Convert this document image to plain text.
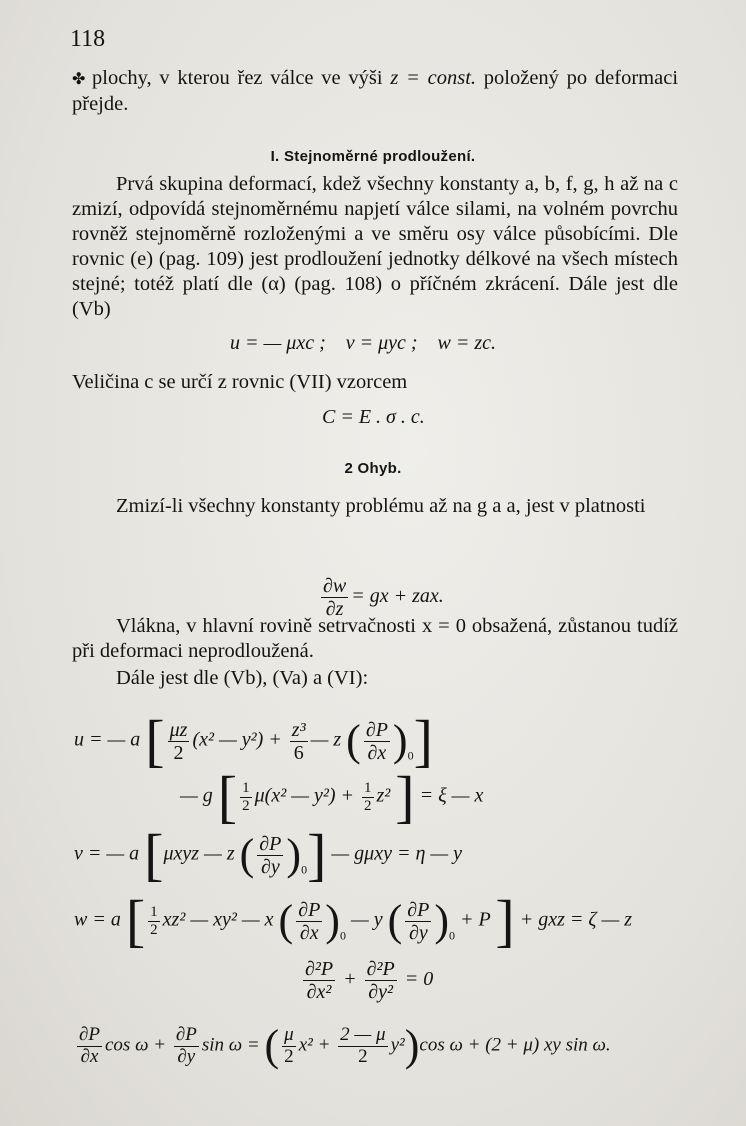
118
✤ plochy, v kterou řez válce ve výši z = const. položený po deformaci přejde.
I. Stejnoměrné prodloužení.
Prvá skupina deformací, kdež všechny konstanty a, b, f, g, h až na c zmizí, odpovídá stejnoměrnému napjetí válce silami, na volném povrchu rovněž stejnoměrně rozloženými a ve směru osy válce působícími. Dle rovnic (e) (pag. 109) jest prodloužení jednotky délkové na všech místech stejné; totéž platí dle (α) (pag. 108) o příčném zkrácení. Dále jest dle (Vb)
u = — μxc ;    v = μyc ;    w = zc.
Veličina c se určí z rovnic (VII) vzorcem
C = E . σ . c.
2 Ohyb.
Zmizí-li všechny konstanty problému až na g a a, jest v platnosti

$\frac{\partial w}{\partial z}$ = gx + zax.

Vlákna, v hlavní rovině setrvačnosti x = 0 obsažená, zůstanou tudíž při deformaci neprodloužená.
Dále jest dle (Vb), (Va) a (VI):
u = — a [ $\frac{\mu z}{2} (x^2$ — $y^2) + \frac{\text{z³}}{6}$ — z ( $\frac{\partial P}{\partial x} )_0$]
— g [ $\frac{1}{2} \mu(x^2$ — $y^2) + \frac{1}{2} z^2$ ] = ξ — x
v = — a [μxyz — z ( $\frac{\partial P}{\partial y} )_0$] — gμxy = η — y
w = a [ $\frac{1}{2} xz^2$ — xy² — x ( $\frac{\partial P}{\partial x} )_0$ — y ( $\frac{\partial P}{\partial y} )_0 + P$ ] + gxz = ζ — z
$\frac{\text{∂²P}}{\text{∂x²}} + \frac{\text{∂²P}}{\text{∂y²}} = 0$
$\frac{\partial P}{\partial x}$ $\cos \omega + \frac{\partial P}{\partial y}$ sin ω = ( $\frac{\mu}{2} x^2 + \frac{2 — \mu}{2} y^2)\cos$ ω + (2 + μ) xy sin ω.
